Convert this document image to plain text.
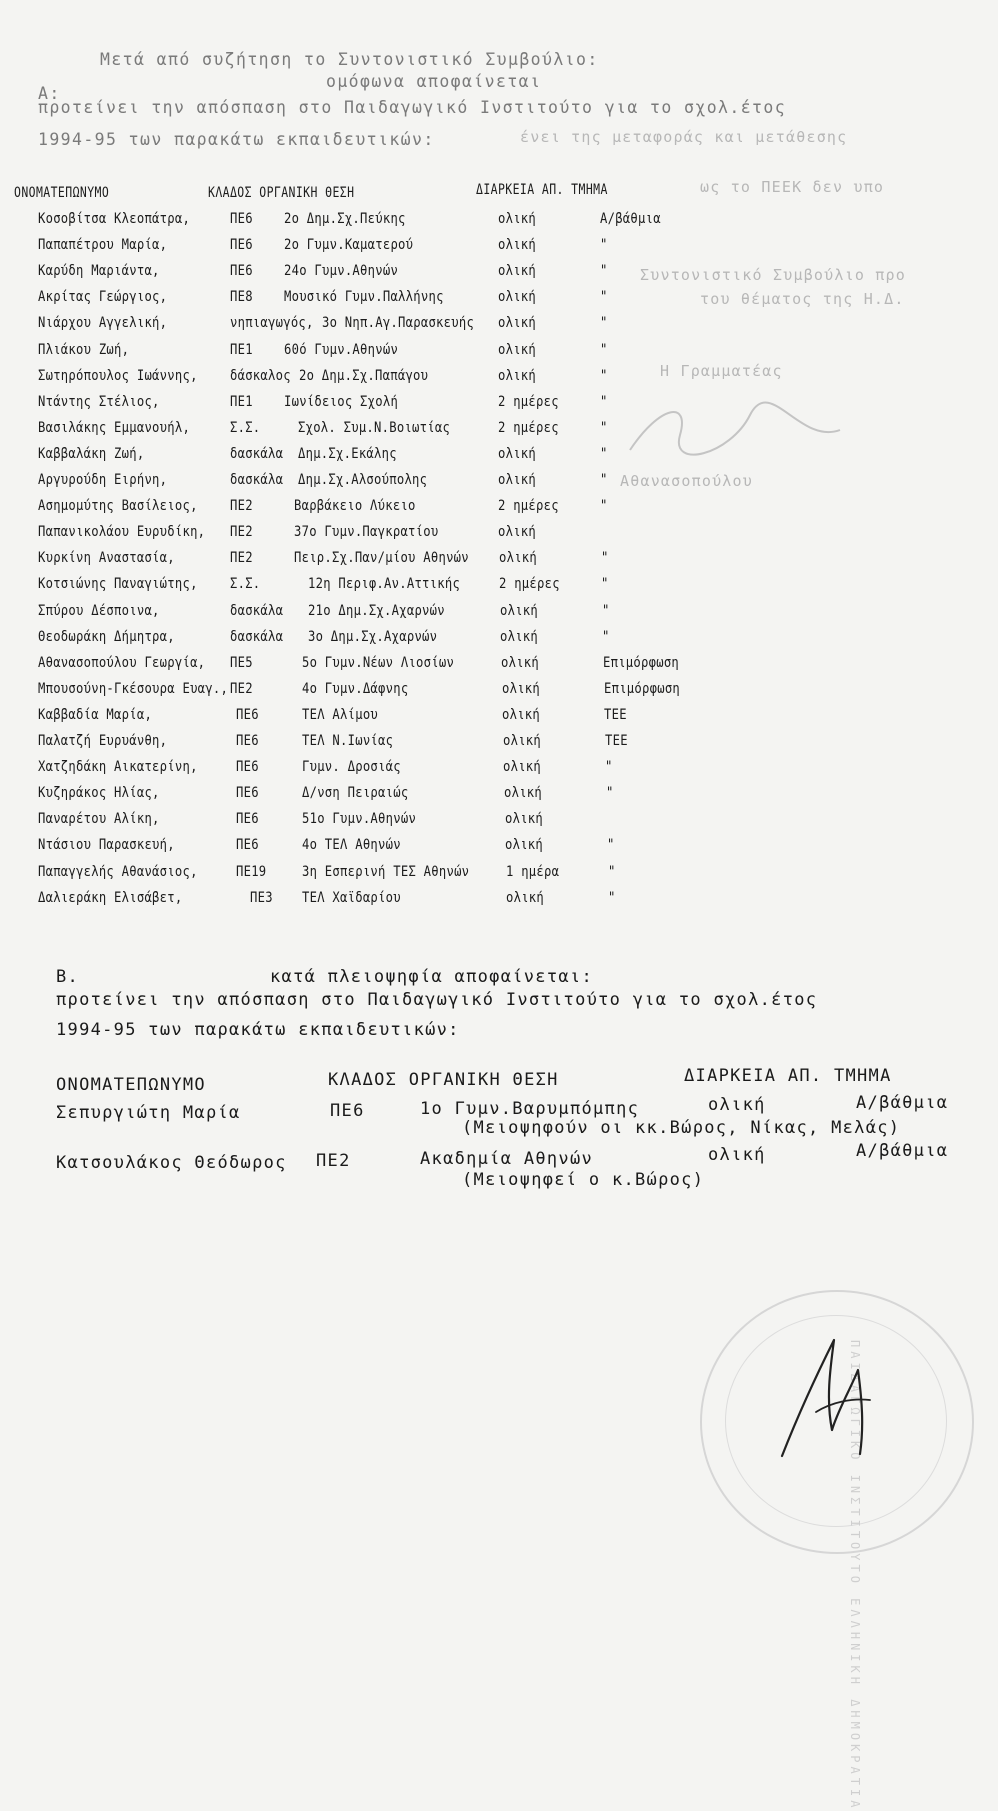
ένει της μεταφοράς και μετάθεσης
ως το ΠΕΕΚ δεν υπο
Συντονιστικό Συμβούλιο προ
του θέματος της Η.Δ.
Η Γραμματέας
Αθανασοπούλου
Μετά από συζήτηση το Συντονιστικό Συμβούλιο:
Α:
ομόφωνα αποφαίνεται
προτείνει την απόσπαση στο Παιδαγωγικό Ινστιτούτο για το σχολ.έτος
1994-95 των παρακάτω εκπαιδευτικών:
ΟΝΟΜΑΤΕΠΩΝΥΜΟ	ΚΛΑΔΟΣ ΟΡΓΑΝΙΚΗ ΘΕΣΗ	ΔΙΑΡΚΕΙΑ ΑΠ. ΤΜΗΜΑ
Κοσοβίτσα Κλεοπάτρα,	ΠΕ6 2ο Δημ.Σχ.Πεύκης	ολική	Α/βάθμια
Παπαπέτρου Μαρία,	ΠΕ6 2ο Γυμν.Καματερού	ολική	"
Καρύδη Μαριάντα,	ΠΕ6 24ο Γυμν.Αθηνών	ολική	"
Ακρίτας Γεώργιος,	ΠΕ8 Μουσικό Γυμν.Παλλήνης	ολική	"
Νιάρχου Αγγελική,	νηπιαγωγός, 3ο Νηπ.Αγ.Παρασκευής ολική	"
Πλιάκου Ζωή,	ΠΕ1 60ό Γυμν.Αθηνών	ολική	"
Σωτηρόπουλος Ιωάννης, δάσκαλος 2ο Δημ.Σχ.Παπάγου	ολική	"
Ντάντης Στέλιος,	ΠΕ1 Ιωνίδειος Σχολή	2 ημέρες	"
Βασιλάκης Εμμανουήλ,	Σ.Σ.	Σχολ. Συμ.Ν.Βοιωτίας	2 ημέρες	"
Καββαλάκη Ζωή,	δασκάλα Δημ.Σχ.Εκάλης	ολική	"
Αργυρούδη Ειρήνη,	δασκάλα Δημ.Σχ.Αλσούπολης	ολική	"
Ασημομύτης Βασίλειος, ΠΕ2	Βαρβάκειο Λύκειο	2 ημέρες	"
Παπανικολάου Ευρυδίκη, ΠΕ2	37ο Γυμν.Παγκρατίου	ολική
Κυρκίνη Αναστασία,	ΠΕ2	Πειρ.Σχ.Παν/μίου Αθηνών ολική	"
Κοτσιώνης Παναγιώτης, Σ.Σ.	12η Περιφ.Αν.Αττικής	2 ημέρες	"
Σπύρου Δέσποινα,	δασκάλα 21ο Δημ.Σχ.Αχαρνών	ολική	"
Θεοδωράκη Δήμητρα,	δασκάλα 3ο Δημ.Σχ.Αχαρνών	ολική	"
Αθανασοπούλου Γεωργία, ΠΕ5	5ο Γυμν.Νέων Λιοσίων	ολική	Επιμόρφωση
Μπουσούνη-Γκέσουρα Ευαγ., ΠΕ2	4ο Γυμν.Δάφνης	ολική	Επιμόρφωση
Καββαδία Μαρία,	ΠΕ6	ΤΕΛ Αλίμου	ολική	ΤΕΕ
Παλατζή Ευρυάνθη,	ΠΕ6	ΤΕΛ Ν.Ιωνίας	ολική	ΤΕΕ
Χατζηδάκη Αικατερίνη,	ΠΕ6	Γυμν. Δροσιάς	ολική	"
Κυζηράκος Ηλίας,	ΠΕ6	Δ/νση Πειραιώς	ολική	"
Παναρέτου Αλίκη,	ΠΕ6	51ο Γυμν.Αθηνών	ολική
Ντάσιου Παρασκευή,	ΠΕ6	4ο ΤΕΛ Αθηνών	ολική	"
Παπαγγελής Αθανάσιος,	ΠΕ19	3η Εσπερινή ΤΕΣ Αθηνών	1 ημέρα	"
Δαλιεράκη Ελισάβετ,	ΠΕ3 ΤΕΛ Χαϊδαρίου	ολική	"
Β.	κατά πλειοψηφία αποφαίνεται:
προτείνει την απόσπαση στο Παιδαγωγικό Ινστιτούτο για το σχολ.έτος
1994-95 των παρακάτω εκπαιδευτικών:
ΟΝΟΜΑΤΕΠΩΝΥΜΟ	ΚΛΑΔΟΣ ΟΡΓΑΝΙΚΗ ΘΕΣΗ	ΔΙΑΡΚΕΙΑ ΑΠ. ΤΜΗΜΑ
Σεπυργιώτη Μαρία	ΠΕ6	1ο Γυμν.Βαρυμπόμπης	ολική	Α/βάθμια
(Μειοψηφούν οι κκ.Βώρος, Νίκας, Μελάς)
Κατσουλάκος Θεόδωρος ΠΕ2	Ακαδημία Αθηνών	ολική	Α/βάθμια
(Μειοψηφεί ο κ.Βώρος)
ΠΑΙΔΑΓΩΓΙΚΟ ΙΝΣΤΙΤΟΥΤΟ ΕΛΛΗΝΙΚΗ ΔΗΜΟΚΡΑΤΙΑ
